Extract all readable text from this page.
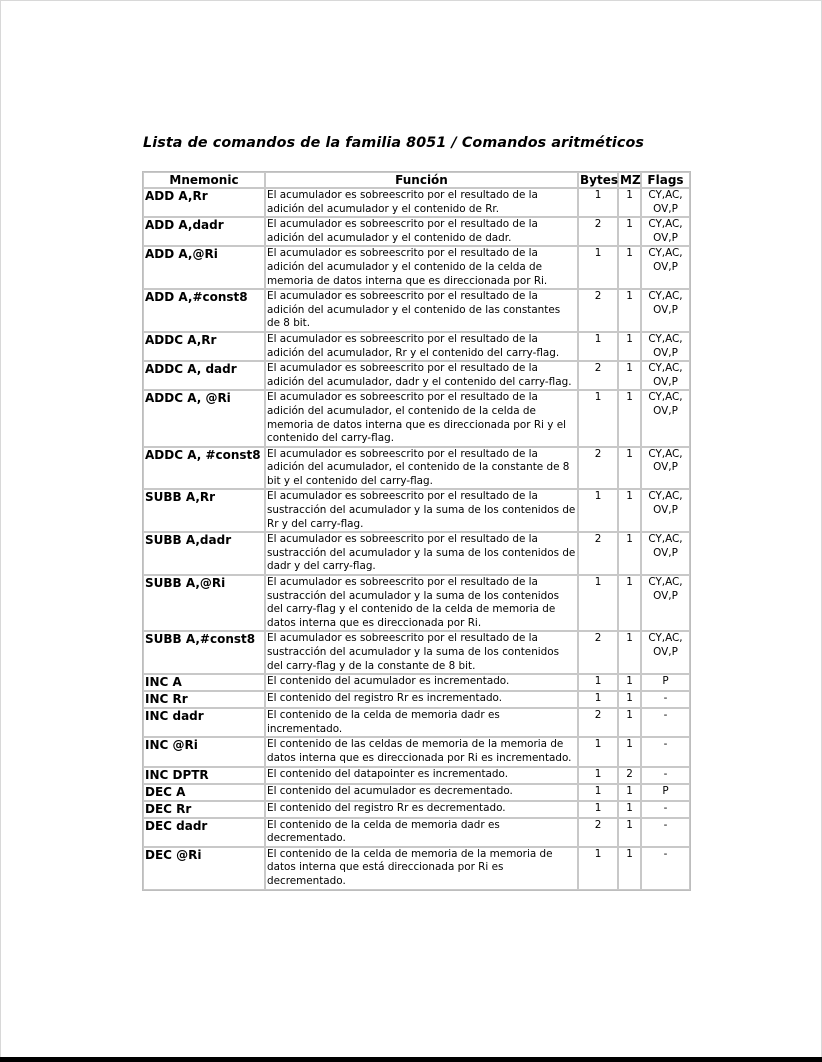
Lista de comandos de la familia 8051 / Comandos aritméticos
Mnemonic	Función	Bytes	MZ	Flags
ADD A,Rr	El acumulador es sobreescrito por el resultado de la adición del acumulador y el contenido de Rr.	1	1	CY,AC, OV,P
ADD A,dadr	El acumulador es sobreescrito por el resultado de la adición del acumulador y el contenido de dadr.	2	1	CY,AC, OV,P
ADD A,@Ri	El acumulador es sobreescrito por el resultado de la adición del acumulador y el contenido de la celda de memoria de datos interna que es direccionada por Ri.	1	1	CY,AC, OV,P
ADD A,#const8	El acumulador es sobreescrito por el resultado de la adición del acumulador y el contenido de las constantes de 8 bit.	2	1	CY,AC, OV,P
ADDC A,Rr	El acumulador es sobreescrito por el resultado de la adición del acumulador, Rr y el contenido del carry-flag.	1	1	CY,AC, OV,P
ADDC A, dadr	El acumulador es sobreescrito por el resultado de la adición del acumulador, dadr y el contenido del carry-flag.	2	1	CY,AC, OV,P
ADDC A, @Ri	El acumulador es sobreescrito por el resultado de la adición del acumulador, el contenido de la celda de memoria de datos interna que es direccionada por Ri y el contenido del carry-flag.	1	1	CY,AC, OV,P
ADDC A, #const8	El acumulador es sobreescrito por el resultado de la adición del acumulador, el contenido de la constante de 8 bit y el contenido del carry-flag.	2	1	CY,AC, OV,P
SUBB A,Rr	El acumulador es sobreescrito por el resultado de la sustracción del acumulador y la suma de los contenidos de Rr y del carry-flag.	1	1	CY,AC, OV,P
SUBB A,dadr	El acumulador es sobreescrito por el resultado de la sustracción del acumulador y la suma de los contenidos de dadr y del carry-flag.	2	1	CY,AC, OV,P
SUBB A,@Ri	El acumulador es sobreescrito por el resultado de la sustracción del acumulador y la suma de los contenidos del carry-flag y el contenido de la celda de memoria de datos interna que es direccionada por Ri.	1	1	CY,AC, OV,P
SUBB A,#const8	El acumulador es sobreescrito por el resultado de la sustracción del acumulador y la suma de los contenidos del carry-flag y de la constante de 8 bit.	2	1	CY,AC, OV,P
INC A	El contenido del acumulador es incrementado.	1	1	P
INC Rr	El contenido del registro Rr es incrementado.	1	1	-
INC dadr	El contenido de la celda de memoria dadr es incrementado.	2	1	-
INC @Ri	El contenido de las celdas de memoria de la memoria de datos interna que es direccionada por Ri es incrementado.	1	1	-
INC DPTR	El contenido del datapointer es incrementado.	1	2	-
DEC A	El contenido del acumulador es decrementado.	1	1	P
DEC Rr	El contenido del registro Rr es decrementado.	1	1	-
DEC dadr	El contenido de la celda de memoria dadr es decrementado.	2	1	-
DEC @Ri	El contenido de la celda de memoria de la memoria de datos interna que está direccionada por Ri es decrementado.	1	1	-
